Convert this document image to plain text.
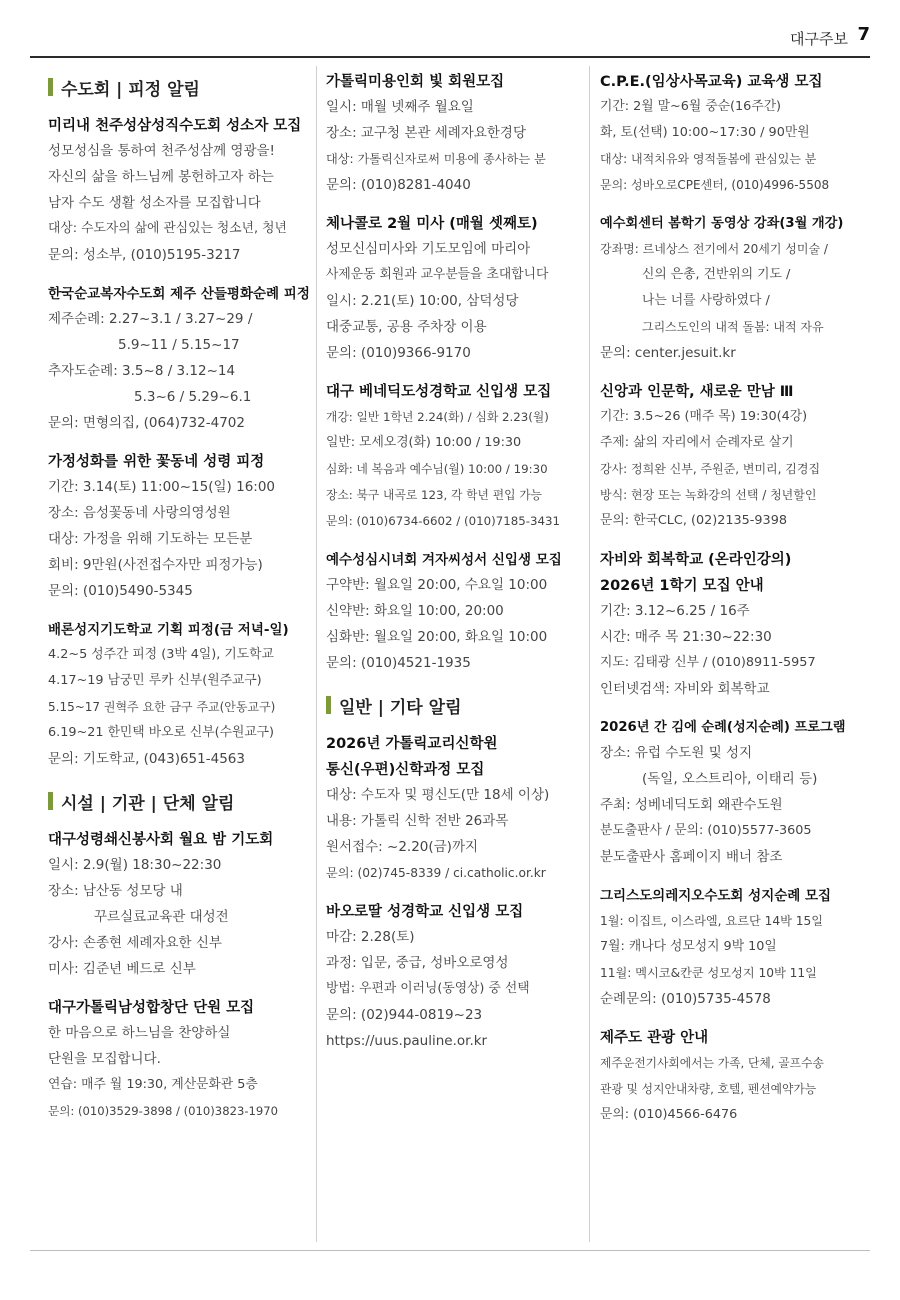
대구주보 7
수도회 | 피정 알림
미리내 천주성삼성직수도회 성소자 모집
성모성심을 통하여 천주성삼께 영광을!
자신의 삶을 하느님께 봉헌하고자 하는
남자 수도 생활 성소자를 모집합니다
대상: 수도자의 삶에 관심있는 청소년, 청년
문의: 성소부, (010)5195-3217
한국순교복자수도회 제주 산들평화순례 피정
제주순례: 2.27~3.1 / 3.27~29 /
5.9~11 / 5.15~17
추자도순례: 3.5~8 / 3.12~14
5.3~6 / 5.29~6.1
문의: 면형의집, (064)732-4702
가정성화를 위한 꽃동네 성령 피정
기간: 3.14(토) 11:00~15(일) 16:00
장소: 음성꽃동네 사랑의영성원
대상: 가정을 위해 기도하는 모든분
회비: 9만원(사전접수자만 피정가능)
문의: (010)5490-5345
배론성지기도학교 기획 피정(금 저녁-일)
4.2~5 성주간 피정 (3박 4일), 기도학교
4.17~19 남궁민 루카 신부(원주교구)
5.15~17 권혁주 요한 금구 주교(안동교구)
6.19~21 한민택 바오로 신부(수원교구)
문의: 기도학교, (043)651-4563
시설 | 기관 | 단체 알림
대구성령쇄신봉사회 월요 밤 기도회
일시: 2.9(월) 18:30~22:30
장소: 남산동 성모당 내
꾸르실료교육관 대성전
강사: 손종현 세례자요한 신부
미사: 김준년 베드로 신부
대구가톨릭남성합창단 단원 모집
한 마음으로 하느님을 찬양하실
단원을 모집합니다.
연습: 매주 월 19:30, 계산문화관 5층
문의: (010)3529-3898 / (010)3823-1970
가톨릭미용인회 빛 회원모집
일시: 매월 넷째주 월요일
장소: 교구청 본관 세례자요한경당
대상: 가톨릭신자로써 미용에 종사하는 분
문의: (010)8281-4040
체나콜로 2월 미사 (매월 셋째토)
성모신심미사와 기도모임에 마리아
사제운동 회원과 교우분들을 초대합니다
일시: 2.21(토) 10:00, 삼덕성당
대중교통, 공용 주차장 이용
문의: (010)9366-9170
대구 베네딕도성경학교 신입생 모집
개강: 일반 1학년 2.24(화) / 심화 2.23(월)
일반: 모세오경(화) 10:00 / 19:30
심화: 네 복음과 예수님(월) 10:00 / 19:30
장소: 북구 내곡로 123, 각 학년 편입 가능
문의: (010)6734-6602 / (010)7185-3431
예수성심시녀회 겨자씨성서 신입생 모집
구약반: 월요일 20:00, 수요일 10:00
신약반: 화요일 10:00, 20:00
심화반: 월요일 20:00, 화요일 10:00
문의: (010)4521-1935
일반 | 기타 알림
2026년 가톨릭교리신학원
통신(우편)신학과정 모집
대상: 수도자 및 평신도(만 18세 이상)
내용: 가톨릭 신학 전반 26과목
원서접수: ~2.20(금)까지
문의: (02)745-8339 / ci.catholic.or.kr
바오로딸 성경학교 신입생 모집
마감: 2.28(토)
과정: 입문, 중급, 성바오로영성
방법: 우편과 이러닝(동영상) 중 선택
문의: (02)944-0819~23
https://uus.pauline.or.kr
C.P.E.(임상사목교육) 교육생 모집
기간: 2월 말~6월 중순(16주간)
화, 토(선택) 10:00~17:30 / 90만원
대상: 내적치유와 영적돌봄에 관심있는 분
문의: 성바오로CPE센터, (010)4996-5508
예수회센터 봄학기 동영상 강좌(3월 개강)
강좌명: 르네상스 전기에서 20세기 성미술 /
신의 은총, 건반위의 기도 /
나는 너를 사랑하였다 /
그리스도인의 내적 돌봄: 내적 자유
문의: center.jesuit.kr
신앙과 인문학, 새로운 만남 Ⅲ
기간: 3.5~26 (매주 목) 19:30(4강)
주제: 삶의 자리에서 순례자로 살기
강사: 정희완 신부, 주원준, 변미리, 김경집
방식: 현장 또는 녹화강의 선택 / 청년할인
문의: 한국CLC, (02)2135-9398
자비와 회복학교 (온라인강의)
2026년 1학기 모집 안내
기간: 3.12~6.25 / 16주
시간: 매주 목 21:30~22:30
지도: 김태광 신부 / (010)8911-5957
인터넷검색: 자비와 회복학교
2026년 간 김에 순례(성지순례) 프로그램
장소: 유럽 수도원 및 성지
(독일, 오스트리아, 이태리 등)
주최: 성베네딕도회 왜관수도원
분도출판사 / 문의: (010)5577-3605
분도출판사 홈페이지 배너 참조
그리스도의레지오수도회 성지순례 모집
1월: 이집트, 이스라엘, 요르단 14박 15일
7월: 캐나다 성모성지 9박 10일
11월: 멕시코&칸쿤 성모성지 10박 11일
순례문의: (010)5735-4578
제주도 관광 안내
제주운전기사회에서는 가족, 단체, 골프수송
관광 및 성지안내차량, 호텔, 펜션예약가능
문의: (010)4566-6476
